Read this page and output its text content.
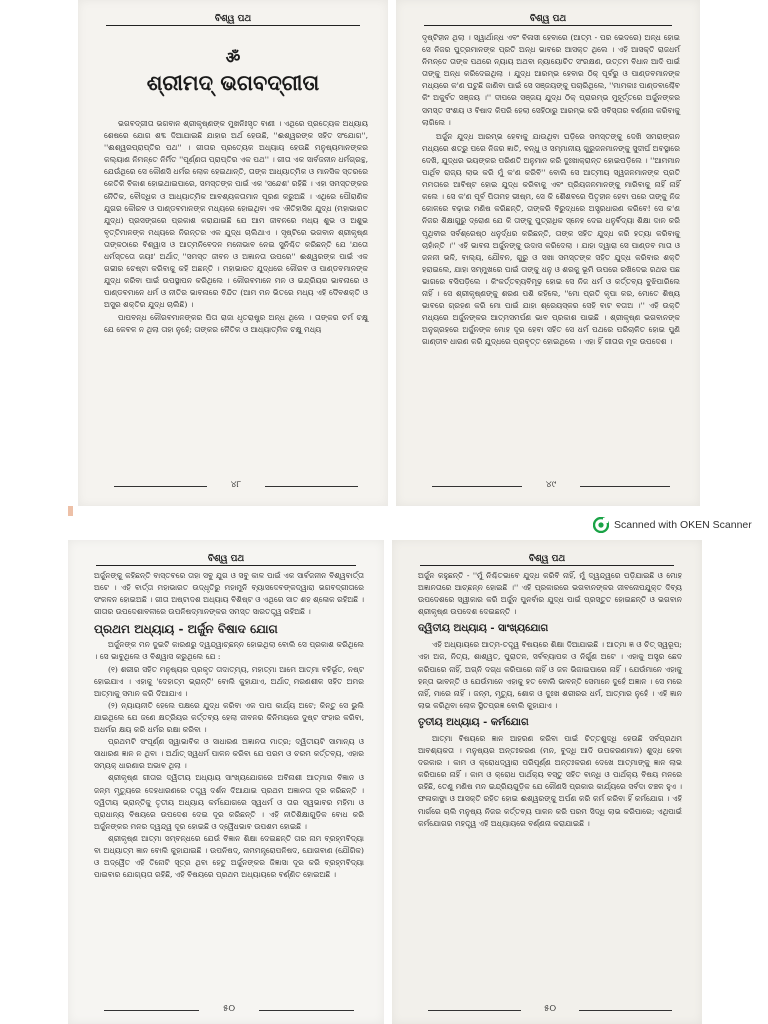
ବିଶ୍ୱ ପଥ
ॐ
ଶ୍ରୀମଦ୍ ଭଗବଦ୍ଗୀତା

ଭଗବଦ୍ଗୀତା ଭଗବାନ ଶ୍ରୀକୃଷ୍ଣଙ୍କ ମୁଖନିଃସୃତ ବାଣୀ । ଏଥିରେ ପ୍ରତ୍ୟେକ ଅଧ୍ୟାୟ ଶେଷରେ ଯୋଗ ଶବ୍ଦ ଦିଆଯାଇଛି ଯାହାର ଅର୍ଥ ହେଉଛି, ''ଈଶ୍ୱରଙ୍କ ସହିତ ସଂଯୋଗ'', ''ଈଶ୍ୱରପ୍ରାପ୍ତିର ପଥ'' । ଗୀତାର ପ୍ରତ୍ୟେକ ଅଧ୍ୟାୟ ହେଉଛି ମନୁଷ୍ୟମାନଙ୍କର କଲ୍ୟାଣ ନିମନ୍ତେ ନିର୍ମିତ ''ପୂର୍ଣ୍ଣତା ପ୍ରାପ୍ତିର ଏକ ପଥ'' । ଗୀତା ଏକ ସାର୍ବଜନୀନ ଧର୍ମଗ୍ରନ୍ଥ, ଯେଉଁଥିରେ ସେ କୌଣସି ଧର୍ମର ଲୋକ ହେଇଥାନ୍ତି, ତାଙ୍କ ଆଧ୍ୟାତ୍ମିକ ଓ ମାନସିକ ସ୍ତରରେ କେତିକି ବିକାଶ ହୋଇଥାଇପାରେ, ସମସ୍ତଙ୍କ ପାଇଁ ଏକ 'ସନ୍ଦେଶ' ରହିଛି । ଏହା ସମସ୍ତଙ୍କର ନୈତିକ, ବୌଦ୍ଧିକ ଓ ଆଧ୍ୟାତ୍ମିକ ଆବଶ୍ୟକତାମାନ ପୂରଣ କରୁଅଛି । ଏଥିରେ ପୌରାଣିକ ଯୁଗର କୌରବ ଓ ପାଣ୍ଡବମାନଙ୍କ ମଧ୍ୟରେ ହୋଇଥିବା ଏକ ଐତିହାସିକ ଯୁଦ୍ଧ (ମହାଭାରତ ଯୁଦ୍ଧ) ପ୍ରସଙ୍ଗରେ ପ୍ରକାଶ କରାଯାଇଛି ଯେ ଆମ ଜୀବନରେ ମଧ୍ୟ ଶୁଭ ଓ ଅଶୁଭ ବୃତ୍ତିମାନଙ୍କ ମଧ୍ୟରେ ନିରନ୍ତର ଏକ ଯୁଦ୍ଧ ଚାଲିଥାଏ । ସୃଷ୍ଟିରେ ଭଗବାନ ଶ୍ରୀକୃଷ୍ଣ ତାଙ୍କଠାରେ ବିଶ୍ୱାସ ଓ ଆତ୍ମନିବେଦନ ମନୋଭାବ ନେଇ ସୁନିଶ୍ଚିତ କରିଛନ୍ତି ଯେ 'ଯତୋ ଧର୍ମସ୍ତତୋ ଜୟଃ' ଅର୍ଥାତ୍ ''ସମସ୍ତ ଜୀବନ ଓ ଅଜ୍ଞାନତା ଉପରେ'' ଈଶ୍ୱରଙ୍କ ପାଇଁ ଏକ ଗଭୀର ଚେଷ୍ଟା କରିବାକୁ କହି ଅଛନ୍ତି । ମହାଭାରତ ଯୁଦ୍ଧରେ କୌରବ ଓ ପାଣ୍ଡବମାନଙ୍କ ଯୁଦ୍ଧ କରିବା ପାଇଁ ଉପସ୍ଥାପନ କରିଥିଲେ । କୌରବମାନେ ମନ ଓ ଇନ୍ଦ୍ରିୟର ଭାବନାରେ ଓ ପାଣ୍ଡବମାନେ ଧର୍ମ ଓ ନୀତିର ଭାବନାରେ ବିନ୍ଦିତ (ଆମ ମନ ଭିତରେ ମଧ୍ୟ ଏହି ଦୈବଶକ୍ତି ଓ ଅସୁର ଶକ୍ତିର ଯୁଦ୍ଧ ଚାଲିଛି) ।

ପାପବନ୍ଧ କୌରବମାନଙ୍କର ପିତା ରାଜା ଧୃତରାଷ୍ଟ୍ର ଅନ୍ଧ ଥିଲେ । ତାଙ୍କର ଚର୍ମ ଚକ୍ଷୁ ଯେ କେବଳ ନ ଥିଲା ତାହା ନୁହେଁ; ତାଙ୍କର ନୈତିକ ଓ ଆଧ୍ୟାତ୍ମିକ ଚକ୍ଷୁ ମଧ୍ୟ

୪୮
ବିଶ୍ୱ ପଥ

ଦୃଷ୍ଟିହୀନ ଥିଲା । ସ୍ୱାର୍ଥାନ୍ଧ ଏବଂ ବିଳାସୀ ହେବାରେ (ଆତ୍ମ - ପର ଭେଦରେ) ଅନ୍ଧ ହୋଇ ସେ ନିଜର ପୁତ୍ରମାନଙ୍କ ପ୍ରତି ଅନ୍ଧ ଭାବରେ ଆସକ୍ତ ଥିଲେ । ଏହି ଆସକ୍ତି ରାଜଧର୍ମ ନିମନ୍ତେ ତାଙ୍କ ପଥରେ ନ୍ୟାୟ ଅଥବା ନ୍ୟାୟୋଚିତ ସଂରକ୍ଷଣ, ଉତ୍ତମ ବିଧାନ ଆଦି ପାଇଁ ତାଙ୍କୁ ଅନ୍ଧ କରିଦେଇଥିଲା । ଯୁଦ୍ଧ ଆରମ୍ଭ ହେବାର ଠିକ୍ ପୂର୍ବରୁ ଓ ପାଣ୍ଡବମାନଙ୍କ ମଧ୍ୟରେ କ'ଣ ଘଟୁଛି ଜାଣିବା ପାଇଁ ସେ ସଞ୍ଜୟଙ୍କୁ ପଚାରିଥିଲେ, ''ମାମକାଃ ପାଣ୍ଡବାଶ୍ଚୈବ କିଂ ଅକୁର୍ବତ ସଞ୍ଜୟ ।'' ଦୀପରେ ସଞ୍ଜୟ ଯୁଦ୍ଧ ଠିକ୍ ପ୍ରାରମ୍ଭ ମୁହୂର୍ତ୍ତରେ ଅର୍ଜୁନଙ୍କର ସମସ୍ତ ସଂଶୟ ଓ ବିଷାଦ କିପରି ହେଲା ସେହିଠାରୁ ଆରମ୍ଭ କରି ସବିସ୍ତାର ବର୍ଣ୍ଣନା କରିବାକୁ ଲାଗିଲେ ।

ଅର୍ଜୁନ ଯୁଦ୍ଧ ଆରମ୍ଭ ହେବାକୁ ଯାଉଥିବା ଘଡ଼ିରେ ସମସ୍ତଙ୍କୁ ଦେଖି ସମରାଙ୍ଗନ ମଧ୍ୟରେ ଶତ୍ରୁ ପରେ ନିଜର ଜ୍ଞାତି, ବନ୍ଧୁ ଓ ସମ୍ମାନୀୟ ଗୁରୁଜନମାନଙ୍କୁ ସୁଦୀର୍ଘ ଅବସ୍ଥାରେ ଦେଖି, ଯୁଦ୍ଧର ଭୟଙ୍କର ପରିଣତି ଅନୁମାନ କରି ଦୁଃଖାକ୍ରାନ୍ତ ହୋଇପଡ଼ିଲେ । ''ଆମମାନ ପାର୍ଥିବ ରାଜ୍ୟ ଲାଭ କରି ମୁଁ କ'ଣ କରିବି'' ବୋଲି ସେ ଆତ୍ମୀୟ ସ୍ୱଜନମାନଙ୍କ ପ୍ରତି ମମତାରେ ଆବିଷ୍ଟ ହୋଇ ଯୁଦ୍ଧ କରିବାକୁ ଏବଂ ପ୍ରିୟଜନମାନଙ୍କୁ ମାରିବାକୁ ନାହିଁ ନାହିଁ କଲେ । ସେ କ'ଣ ପୂର୍ବ ପିତାମହ ଭୀଷ୍ମ, ସେ କି ଶୈଶବରେ ପିତୃହୀନ ହେବା ପରେ ତାଙ୍କୁ ନିଜ କୋଳରେ ବଢ଼ାଇ ମଣିଷ କରିଛନ୍ତି, ତାଙ୍କରି ବିରୁଦ୍ଧରେ ଅସ୍ତ୍ରଧାରଣ କରିବେ! ସେ କ'ଣ ନିଜର ଶିକ୍ଷାଗୁରୁ ଦ୍ରୋଣ ଯେ କି ତାଙ୍କୁ ପୁତ୍ରାଧିକ ସ୍ନେହ ଦେଇ ଧନୁର୍ବିଦ୍ୟା ଶିକ୍ଷା ଦାନ କରି ପୃଥିବୀର ସର୍ବଶ୍ରେଷ୍ଠ ଧନୁର୍ଦ୍ଧର କରିଛନ୍ତି, ତାଙ୍କ ସହିତ ଯୁଦ୍ଧ କରି ହତ୍ୟା କରିବାକୁ ଚାହାଁନ୍ତି ।'' ଏହି ଭାବନା ଅର୍ଜୁନଙ୍କୁ ଉଦାସ କରିଦେଲା । ଯାହା ଦ୍ୱାରା ସେ ପାଣ୍ଡବ ମାତା ଓ ଜନନୀ ଭଳି, ବାଲ୍ୟ, ଯୌବନ, ଗୁରୁ ଓ ସଖା ସମସ୍ତଙ୍କ ସହିତ ଯୁଦ୍ଧ କରିବାର ଶକ୍ତି ହରାଇଲେ, ଯାହା ସମ୍ମୁଖରେ ପାଇଁ ତାଙ୍କୁ ଧନୁ ଓ ଶରକୁ ଭୂମି ଉପରେ ରଖିଦେଇ ରଥର ପଛ ଭାଗରେ ବସିପଡ଼ିଲେ । କିଂକର୍ତ୍ତବ୍ୟବିମୂଢ଼ ହୋଇ ସେ ନିଜ ଧର୍ମ ଓ କର୍ତ୍ତବ୍ୟ ବୁଝିପାରିଲେ ନାହିଁ । ସେ ଶ୍ରୀକୃଷ୍ଣଙ୍କୁ ଶରଣ ପଶି କହିଲେ, ''ମୋ ପ୍ରତି କୃପା କର, ମୋତେ ଶିଷ୍ୟ ଭାବରେ ଗ୍ରହଣ କରି ମୋ ପାଇଁ ଯାହା ଶ୍ରେୟସ୍କର ସେହି ବାଟ ବତାଅ ।'' ଏହି ଉକ୍ତି ମଧ୍ୟରେ ଅର୍ଜୁନଙ୍କର ଆତ୍ମସମର୍ପଣ ଭାବ ପ୍ରକାଶ ପାଇଛି । ଶ୍ରୀକୃଷ୍ଣ ଭଗବାନଙ୍କ ଅନୁଗ୍ରହରେ ଅର୍ଜୁନଙ୍କ ମୋହ ଦୂର ହେବା ସହିତ ସେ ଧର୍ମ ପଥରେ ପରିଚାଳିତ ହୋଇ ପୁଣି ଗାଣ୍ଡୀବ ଧାରଣ କରି ଯୁଦ୍ଧରେ ପ୍ରବୃତ୍ତ ହୋଇଥିଲେ । ଏହା ହିଁ ଗୀତାର ମୂଳ ଉପଦେଶ ।

୪୯
Scanned with OKEN Scanner
ବିଶ୍ୱ ପଥ

ଅର୍ଜୁନଙ୍କୁ କହିଛନ୍ତି ବାସ୍ତବରେ ତାହା ସବୁ ଯୁଗ ଓ ସବୁ କାଳ ପାଇଁ ଏକ ସାର୍ବଜନୀନ ବିଶ୍ୱବାର୍ତ୍ତା ଅଟେ । ଏହି ବାର୍ତ୍ତା ମହାଭାରତ ଉଦ୍ଧୃତିରୁ ମହାମୁନି ବ୍ୟାସଦେବଙ୍କଦ୍ୱାରା ଭଗବଦ୍ଗୀତାରେ ସଂକଳନ ହୋଇଅଛି । ଗୀତା ଅଷ୍ଟାଦଶ ଅଧ୍ୟାୟ ବିଶିଷ୍ଟ ଓ ଏଥିରେ ସାତ ଶହ ଶ୍ଳୋକ ରହିଅଛି । ଗୀତାର ଉପଦେଶାବଳୀରେ ଉପନିଷଦ୍‌ମାନଙ୍କର ସମସ୍ତ ସାରତତ୍ତ୍ୱ ରହିଅଛି ।

ପ୍ରଥମ ଅଧ୍ୟାୟ - ଅର୍ଜୁନ ବିଷାଦ ଯୋଗ

ଅର୍ଜୁନଙ୍କ ମନ ଦୁଇଟି କାରଣରୁ ଦ୍ୱନ୍ଦ୍ୱାଚ୍ଛନ୍ନ ହୋଇଥିଲା ବୋଲି ସେ ପ୍ରକାଶ କରିଥିଲେ । ସେ ଭାବୁଥିଲେ ଓ ବିଶ୍ୱାସ କରୁଥିଲେ ଯେ :

(୧) ଶରୀର ସହିତ ମନୁଷ୍ୟର ପ୍ରକୃତ ତାଦାତ୍ମ୍ୟ, ମହାତ୍ମା ଆମେ ଆତ୍ମା ବହିର୍ଭୂତ, ନଷ୍ଟ ହୋଇଯାଏ । ଏହାକୁ 'ଦେହାତ୍ମ ଭ୍ରାନ୍ତି' ବୋଲି କୁହାଯାଏ, ଅର୍ଥାତ୍ ମରଣଶୀଳ ସହିତ ଅମର ଆତ୍ମାକୁ ସମାନ କରି ଦିଆଯାଏ ।

(୨) ନ୍ୟାୟନୀତି ହେଲେ ପକ୍ଷରେ ଯୁଦ୍ଧ କରିବା ଏକ ପାପ କାର୍ଯ୍ୟ ଅଟେ; କିନ୍ତୁ ସେ ଭୁଲି ଯାଇଥିଲେ ଯେ ଜଣେ କ୍ଷତ୍ରିୟର କର୍ତ୍ତବ୍ୟ ହେଲା ଜୀବନର କିନିମୟରେ ଦୁଷ୍ଟ ସଂହାର କରିବା, ଅଧର୍ମର କ୍ଷୟ କରି ଧର୍ମର ରକ୍ଷା କରିବା ।

ପ୍ରଥମଟି ସଂପୂର୍ଣ୍ଣ ସ୍ୱାଭାବିକ ଓ ସାଧାରଣ ଅଜ୍ଞାନତା ମାତ୍ର; ଦ୍ୱିତୀୟଟି ସାମାନ୍ୟ ଓ ସାଧାରଣ ଜ୍ଞାନ ନ ଥିବା । ଅର୍ଥାତ୍ ସ୍ୱଧର୍ମ ପାଳନ କରିବା ଯେ ପରମ ଓ ଚରମ କର୍ତ୍ତବ୍ୟ, ଏହାର ସମ୍ୟକ୍ ଧାରଣାର ଅଭାବ ଥିଲା ।

ଶ୍ରୀକୃଷ୍ଣ ଗୀତାର ଦ୍ୱିତୀୟ ଅଧ୍ୟାୟ ସାଂଖ୍ୟଯୋଗରେ ଅବିନାଶୀ ଆତ୍ମାର ବିଜ୍ଞାନ ଓ ଜନ୍ମ ମୃତ୍ୟୁରେ ଦେହଧାରଣରେ ତତ୍ତ୍ୱ ଦର୍ଶନ ଦିଆଯାଇ ପ୍ରଥମ ଅଜ୍ଞାନତା ଦୂର କରିଛନ୍ତି । ଦ୍ୱିତୀୟ ଭ୍ରାନ୍ତିକୁ ତୃତୀୟ ଅଧ୍ୟାୟ କର୍ମଯୋଗରେ ସ୍ୱଧର୍ମ ଓ ତାର ସ୍ୱଭାବର ମହିମା ଓ ପ୍ରାଧାନ୍ୟ ବିଷୟରେ ଉପଦେଶ ଦେଇ ଦୂର କରିଛନ୍ତି । ଏହି ନୀତିଶିକ୍ଷାଗୁଡ଼ିକ ବୋଧ କରି ଅର୍ଜୁନଙ୍କର ମନର ଦ୍ୱନ୍ଦ୍ୱ ଦୂର ହୋଇଛି ଓ ଦ୍ୱୈଧଭାବ ଉପଶମ ହୋଇଛି ।

ଶ୍ରୀକୃଷ୍ଣ ଆତ୍ମା ସମ୍ବନ୍ଧରେ ଯେଉଁ ବିଜ୍ଞାନ ଶିକ୍ଷା ଦେଇଛନ୍ତି ତାର ନାମ ବ୍ରହ୍ମବିଦ୍ୟା ବା ଅଧ୍ୟାତ୍ମ ଜ୍ଞାନ ବୋଲି କୁହାଯାଇଛି । ଉପନିଷଦ୍, ନାମମନ୍ତ୍ରୋପନିଷଦ, ଯୋଗବାଣ (ଯୌଗିକ) ଓ ଅଦ୍ୱୈତ ଏହି ତିନୋଟି ସୂତ୍ର ଥିବା ହେତୁ ଅର୍ଜୁନଙ୍କର ଜିଜ୍ଞାସା ଦୂର କରି ବ୍ରହ୍ମବିଦ୍ୟା ପାଇବାର ଯୋଗ୍ୟତା ରହିଛି, ଏହି ବିଷୟରେ ପ୍ରଥମ ଅଧ୍ୟାୟରେ ବର୍ଣ୍ଣିତ ହୋଇଅଛି ।

୫୦
ବିଶ୍ୱ ପଥ

ଅର୍ଜୁନ କହୁଛନ୍ତି - ''ମୁଁ ନିଶ୍ଚିତଭାବେ ଯୁଦ୍ଧ କରିବି ନାହିଁ, ମୁଁ ଦ୍ୱନ୍ଦ୍ୱରେ ପଡ଼ିଯାଇଛି ଓ ମୋହ ଅଜ୍ଞାନତାରେ ଆଚ୍ଛନ୍ନ ହୋଇଛି ।'' ଏହି ପ୍ରକାରରେ ଭଗବାନଙ୍କର ଜୀବନୋପଯୁକ୍ତ ଦିବ୍ୟ ଉପଦେଶରେ ସ୍ୱୀକାର କରି ଅର୍ଜୁନ ପୁନର୍ବାର ଯୁଦ୍ଧ ପାଇଁ ପ୍ରସ୍ତୁତ ହୋଇଛନ୍ତି ଓ ଭଗବାନ ଶ୍ରୀକୃଷ୍ଣ ଉପଦେଶ ଦେଇଛନ୍ତି ।

ଦ୍ୱିତୀୟ ଅଧ୍ୟାୟ - ସାଂଖ୍ୟଯୋଗ

ଏହି ଅଧ୍ୟାୟରେ ଆତ୍ମ-ତତ୍ତ୍ୱ ବିଷୟରେ ଶିକ୍ଷା ଦିଆଯାଇଛି । ଆତ୍ମା ଜ୍ଞ ଓ ଚିତ୍ ସ୍ୱରୂପ; ଏହା ଅଜ, ନିତ୍ୟ, ଶାଶ୍ୱତ, ପୁରାତନ, ସର୍ବବ୍ୟାପକ ଓ ନିର୍ଗୁଣ ଅଟେ । ଏହାକୁ ଅସ୍ତ୍ର ଛେଦ କରିପାରେ ନାହିଁ, ଅଗ୍ନି ଦଗ୍ଧ କରିପାରେ ନାହିଁ ଓ ଜଳ ଭିଜାଇପାରେ ନାହିଁ । ଯେଉଁମାନେ ଏହାକୁ ହନ୍ତା ଭାବନ୍ତି ଓ ଯେଉଁମାନେ ଏହାକୁ ହତ ବୋଲି ଭାବନ୍ତି ସେମାନେ ଦୁହେଁ ଅଜ୍ଞାନ । ସେ ମରେ ନାହିଁ, ମାରେ ନାହିଁ । ଜନ୍ମ, ମୃତ୍ୟୁ, ଶୋକ ଓ ଦୁଃଖ ଶରୀରର ଧର୍ମ, ଆତ୍ମାର ନୁହେଁ । ଏହି ଜ୍ଞାନ ଲାଭ କରିଥିବା ଲୋକ ସ୍ଥିତପ୍ରଜ୍ଞ ବୋଲି କୁହାଯାଏ ।

ତୃତୀୟ ଅଧ୍ୟାୟ - କର୍ମଯୋଗ

ଆତ୍ମା ବିଷୟରେ ଜ୍ଞାନ ଆହରଣ କରିବା ପାଇଁ ଚିତ୍ତଶୁଦ୍ଧି ହେଉଛି ସର୍ବପ୍ରଥମ ଆବଶ୍ୟକତା । ମନୁଷ୍ୟର ଅନ୍ତଃକରଣ (ମନ, ବୁଦ୍ଧି ଆଦି ଉପକରଣମାନ) ଶୁଦ୍ଧ ହେବା ଦରକାର । କାମ ଓ କ୍ରୋଧଦ୍ୱାରା ପରିପୂର୍ଣ୍ଣ ଅନ୍ତଃକରଣ ଦେଖେ ଆତ୍ମାଙ୍କୁ ଜ୍ଞାନ ଲାଭ କରିପାରେ ନାହିଁ । କାମ ଓ କ୍ରୋଧ ପାର୍ଥକ୍ୟ ବସ୍ତୁ ସହିତ ବାନ୍ଧି ଓ ପାର୍ଥକ୍ୟ ବିଷୟ ମନରେ ରହିଛି, ତେଣୁ ମଣିଷ ମନ ଇନ୍ଦ୍ରିୟଗୁଡ଼ିକ ଯେ କୌଣସି ପ୍ରକାର କାର୍ଯ୍ୟରେ ସର୍ବଦା ଚଞ୍ଚଳ ହୁଏ । ଫଳାକାଙ୍କ୍ଷା ଓ ଆସକ୍ତି ରହିତ ହୋଇ ଈଶ୍ୱରଙ୍କୁ ଅର୍ପଣ କରି କର୍ମ କରିବା ହିଁ କର୍ମଯୋଗ । ଏହି ମାର୍ଗରେ ଚାଲି ମନୁଷ୍ୟ ନିଜର କର୍ତ୍ତବ୍ୟ ପାଳନ କରି ପରମ ସିଦ୍ଧି ଲାଭ କରିପାରେ; ଏଥିପାଇଁ କର୍ମଯୋଗର ମହତ୍ତ୍ୱ ଏହି ଅଧ୍ୟାୟରେ ବର୍ଣ୍ଣନା କରାଯାଇଛି ।

୫୦
